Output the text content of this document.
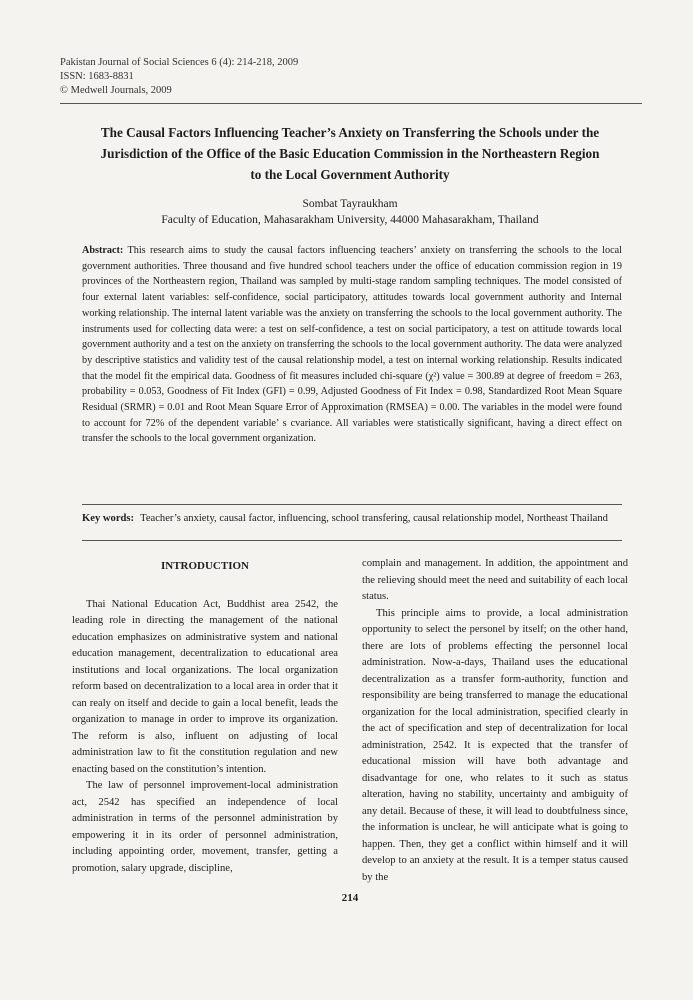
Pakistan Journal of Social Sciences 6 (4): 214-218, 2009
ISSN: 1683-8831
© Medwell Journals, 2009
The Causal Factors Influencing Teacher’s Anxiety on Transferring the Schools under the Jurisdiction of the Office of the Basic Education Commission in the Northeastern Region to the Local Government Authority
Sombat Tayraukham
Faculty of Education, Mahasarakham University, 44000 Mahasarakham, Thailand
Abstract: This research aims to study the causal factors influencing teachers’ anxiety on transferring the schools to the local government authorities. Three thousand and five hundred school teachers under the office of education commission region in 19 provinces of the Northeastern region, Thailand was sampled by multi-stage random sampling techniques. The model consisted of four external latent variables: self-confidence, social participatory, attitudes towards local government authority and Internal working relationship. The internal latent variable was the anxiety on transferring the schools to the local government authority. The instruments used for collecting data were: a test on self-confidence, a test on social participatory, a test on attitude towards local government authority and a test on the anxiety on transferring the schools to the local government authority. The data were analyzed by descriptive statistics and validity test of the causal relationship model, a test on internal working relationship. Results indicated that the model fit the empirical data. Goodness of fit measures included chi-square (χ²) value = 300.89 at degree of freedom = 263, probability = 0.053, Goodness of Fit Index (GFI) = 0.99, Adjusted Goodness of Fit Index = 0.98, Standardized Root Mean Square Residual (SRMR) = 0.01 and Root Mean Square Error of Approximation (RMSEA) = 0.00. The variables in the model were found to account for 72% of the dependent variable’ s cvariance. All variables were statistically significant, having a direct effect on transfer the schools to the local government organization.
Key words: Teacher’s anxiety, causal factor, influencing, school transfering, causal relationship model, Northeast Thailand
INTRODUCTION

Thai National Education Act, Buddhist area 2542, the leading role in directing the management of the national education emphasizes on administrative system and national education management, decentralization to educational area institutions and local organizations. The local organization reform based on decentralization to a local area in order that it can realy on itself and decide to gain a local benefit, leads the organization to manage in order to improve its organization. The reform is also, influent on adjusting of local administration law to fit the constitution regulation and new enacting based on the constitution’s intention.

The law of personnel improvement-local administration act, 2542 has specified an independence of local administration in terms of the personnel administration by empowering it in its order of personnel administration, including appointing order, movement, transfer, getting a promotion, salary upgrade, discipline,

complain and management. In addition, the appointment and the relieving should meet the need and suitability of each local status.

This principle aims to provide, a local administration opportunity to select the personel by itself; on the other hand, there are lots of problems effecting the personnel local administration. Now-a-days, Thailand uses the educational decentralization as a transfer form-authority, function and responsibility are being transferred to manage the educational organization for the local administration, specified clearly in the act of specification and step of decentralization for local administration, 2542. It is expected that the transfer of educational mission will have both advantage and disadvantage for one, who relates to it such as status alteration, having no stability, uncertainty and ambiguity of any detail. Because of these, it will lead to doubtfulness since, the information is unclear, he will anticipate what is going to happen. Then, they get a conflict within himself and it will develop to an anxiety at the result. It is a temper status caused by the

214
